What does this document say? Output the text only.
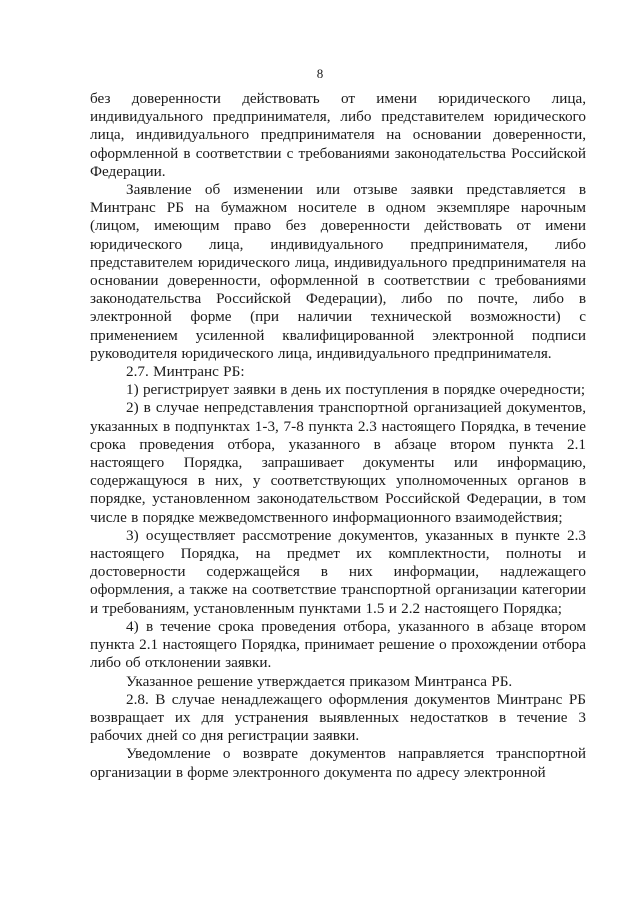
8

без доверенности действовать от имени юридического лица, индивидуального предпринимателя, либо представителем юридического лица, индивидуального предпринимателя на основании доверенности, оформленной в соответствии с требованиями законодательства Российской Федерации.

Заявление об изменении или отзыве заявки представляется в Минтранс РБ на бумажном носителе в одном экземпляре нарочным (лицом, имеющим право без доверенности действовать от имени юридического лица, индивидуального предпринимателя, либо представителем юридического лица, индивидуального предпринимателя на основании доверенности, оформленной в соответствии с требованиями законодательства Российской Федерации), либо по почте, либо в электронной форме (при наличии технической возможности) с применением усиленной квалифицированной электронной подписи руководителя юридического лица, индивидуального предпринимателя.

2.7. Минтранс РБ:

1) регистрирует заявки в день их поступления в порядке очередности;

2) в случае непредставления транспортной организацией документов, указанных в подпунктах 1-3, 7-8 пункта 2.3 настоящего Порядка, в течение срока проведения отбора, указанного в абзаце втором пункта 2.1 настоящего Порядка, запрашивает документы или информацию, содержащуюся в них, у соответствующих уполномоченных органов в порядке, установленном законодательством Российской Федерации, в том числе в порядке межведомственного информационного взаимодействия;

3) осуществляет рассмотрение документов, указанных в пункте 2.3 настоящего Порядка, на предмет их комплектности, полноты и достоверности содержащейся в них информации, надлежащего оформления, а также на соответствие транспортной организации категории и требованиям, установленным пунктами 1.5 и 2.2 настоящего Порядка;

4) в течение срока проведения отбора, указанного в абзаце втором пункта 2.1 настоящего Порядка, принимает решение о прохождении отбора либо об отклонении заявки.

Указанное решение утверждается приказом Минтранса РБ.

2.8. В случае ненадлежащего оформления документов Минтранс РБ возвращает их для устранения выявленных недостатков в течение 3 рабочих дней со дня регистрации заявки.

Уведомление о возврате документов направляется транспортной организации в форме электронного документа по адресу электронной
